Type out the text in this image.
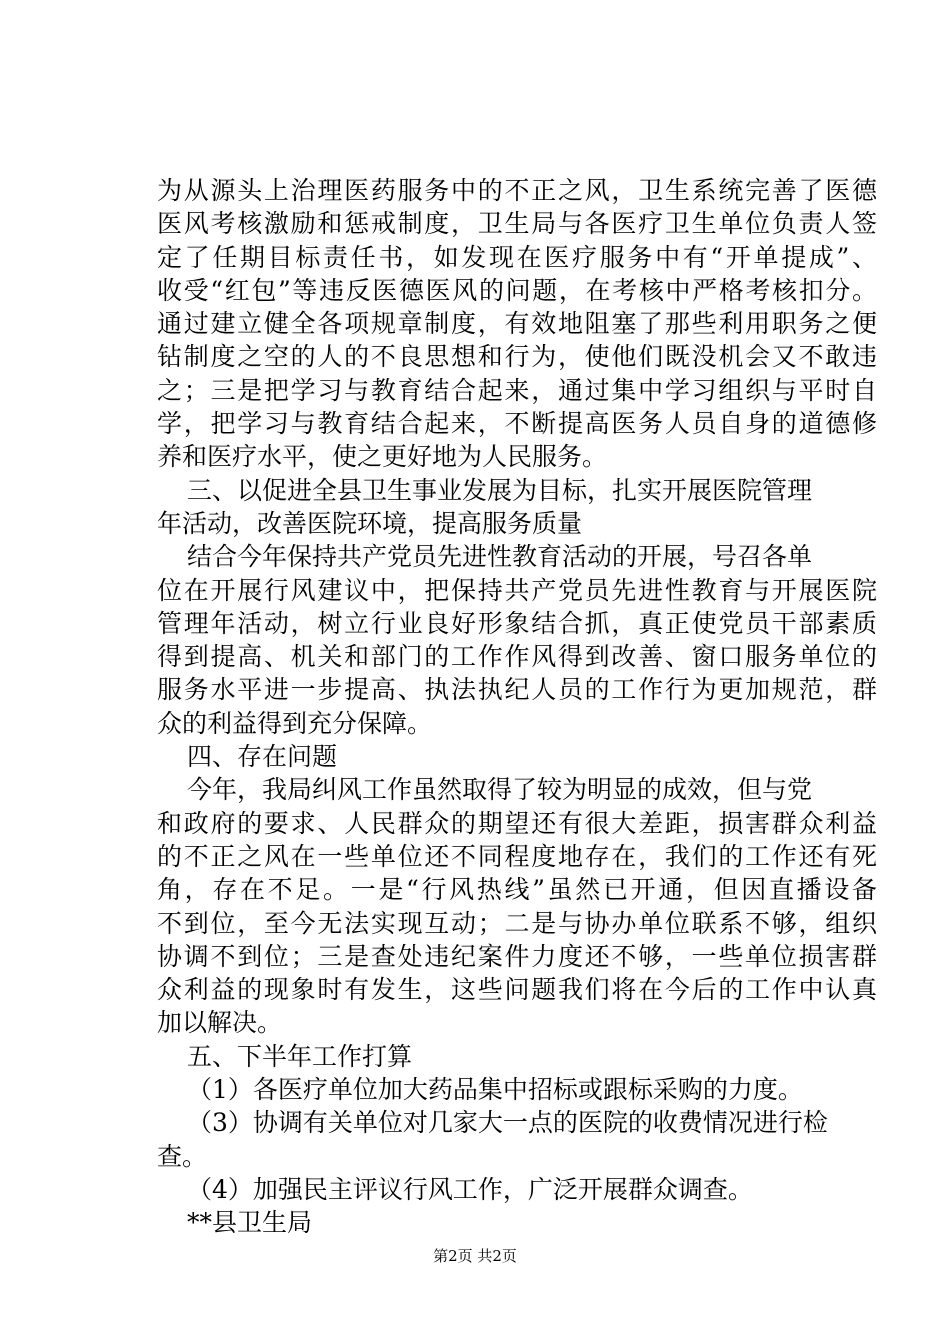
为从源头上治理医药服务中的不正之风，卫生系统完善了医德
医风考核激励和惩戒制度，卫生局与各医疗卫生单位负责人签
定了任期目标责任书，如发现在医疗服务中有“开单提成”、
收受“红包”等违反医德医风的问题，在考核中严格考核扣分。
通过建立健全各项规章制度，有效地阻塞了那些利用职务之便
钻制度之空的人的不良思想和行为，使他们既没机会又不敢违
之；三是把学习与教育结合起来，通过集中学习组织与平时自
学，把学习与教育结合起来，不断提高医务人员自身的道德修
养和医疗水平，使之更好地为人民服务。
三、以促进全县卫生事业发展为目标，扎实开展医院管理
年活动，改善医院环境，提高服务质量
结合今年保持共产党员先进性教育活动的开展，号召各单
位在开展行风建议中，把保持共产党员先进性教育与开展医院
管理年活动，树立行业良好形象结合抓，真正使党员干部素质
得到提高、机关和部门的工作作风得到改善、窗口服务单位的
服务水平进一步提高、执法执纪人员的工作行为更加规范，群
众的利益得到充分保障。
四、存在问题
今年，我局纠风工作虽然取得了较为明显的成效，但与党
和政府的要求、人民群众的期望还有很大差距，损害群众利益
的不正之风在一些单位还不同程度地存在，我们的工作还有死
角，存在不足。一是“行风热线”虽然已开通，但因直播设备
不到位，至今无法实现互动；二是与协办单位联系不够，组织
协调不到位；三是查处违纪案件力度还不够，一些单位损害群
众利益的现象时有发生，这些问题我们将在今后的工作中认真
加以解决。
五、下半年工作打算
（1）各医疗单位加大药品集中招标或跟标采购的力度。
（3）协调有关单位对几家大一点的医院的收费情况进行检
查。
（4）加强民主评议行风工作，广泛开展群众调查。
**县卫生局
第2页 共2页
